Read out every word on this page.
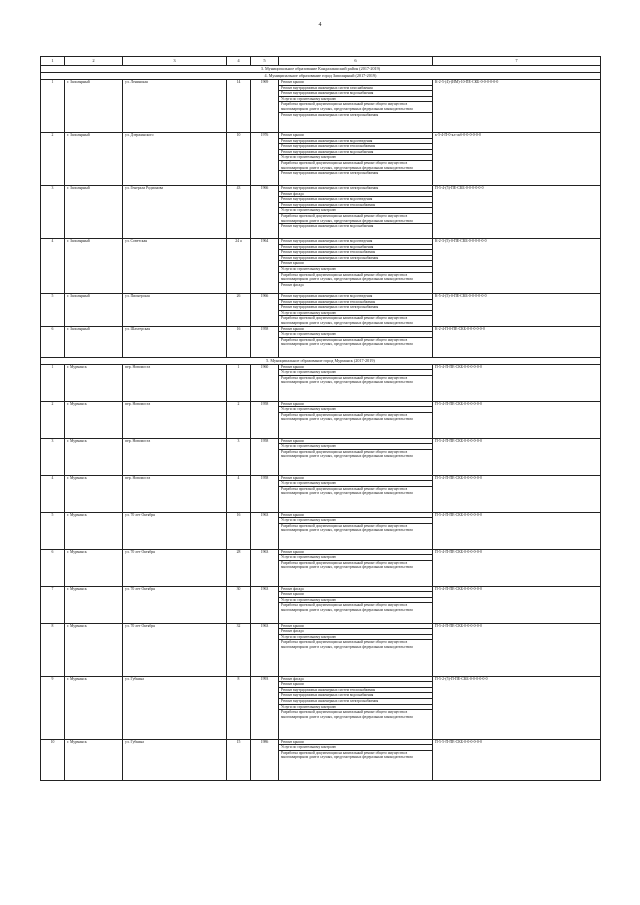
4
1	2	3	4	5	6	7
3. Муниципальное образование Кандалакшский район (2017-2019)
4. Муниципальное образование город Заполярный (2017-2019)
1	г. Заполярный	ул. Ленинская	14	1969		Ремонт крыши
Ремонт внутридомовых инженерных систем газоснабжения
Ремонт внутридомовых инженерных систем водоснабжения
Услуги по строительному контролю
Разработка проектной документации на капитальный ремонт общего имущества в многоквартирном доме в случаях, предусмотренных федеральным законодательством
Ремонт внутридомовых инженерных систем электроснабжения
	К-2-5-(4)-(ИМ)-10-ПЕ-СКБ-0-0-0-0-0-0
2	г. Заполярный	ул. Дзержинского	10	1976		Ремонт крыши
Ремонт внутридомовых инженерных систем водоотведения
Ремонт внутридомовых инженерных систем теплоснабжения
Ремонт внутридомовых инженерных систем водоснабжения
Услуги по строительному контролю
Разработка проектной документации на капитальный ремонт общего имущества в многоквартирном доме в случаях, предусмотренных федеральным законодательством
Ремонт внутридомовых инженерных систем электроснабжения
	к-5-4-П-0-кл-скб-0-0-0-0-0-0
3	г. Заполярный	ул. Генерала Родионова	43	1966		Ремонт внутридомовых инженерных систем электроснабжения
Ремонт фасада
Ремонт внутридомовых инженерных систем водоотведения
Ремонт внутридомовых инженерных систем теплоснабжения
Услуги по строительному контролю
Разработка проектной документации на капитальный ремонт общего имущества в многоквартирном доме в случаях, предусмотренных федеральным законодательством
Ремонт внутридомовых инженерных систем водоснабжения
	П-5-4-(5)-ПЕ-СКБ-0-0-0-0-0-0
4	г. Заполярный	ул. Советская	24 а	1964		Ремонт внутридомовых инженерных систем водоотведения
Ремонт внутридомовых инженерных систем водоснабжения
Ремонт внутридомовых инженерных систем теплоснабжения
Ремонт внутридомовых инженерных систем электроснабжения
Ремонт крыши
Услуги по строительному контролю
Разработка проектной документации на капитальный ремонт общего имущества в многоквартирном доме в случаях, предусмотренных федеральным законодательством
Ремонт фасада
	К-2-3-(5)-0-ПЕ-СКБ-0-0-0-0-0-0
5	г. Заполярный	ул. Пионерская	26	1966		Ремонт внутридомовых инженерных систем водоотведения
Ремонт внутридомовых инженерных систем теплоснабжения
Ремонт внутридомовых инженерных систем электроснабжения
Услуги по строительному контролю
Разработка проектной документации на капитальный ремонт общего имущества в многоквартирном доме в случаях, предусмотренных федеральным законодательством
	К-5-4-(5)-0-ПЕ-СКБ-0-0-0-0-0-0
6	г. Заполярный	ул. Шахтерская	16	1958		Ремонт крыши
Услуги по строительному контролю
Разработка проектной документации на капитальный ремонт общего имущества в многоквартирном доме в случаях, предусмотренных федеральным законодательством
	К-2-4-П-0-ПЕ-СКБ-0-0-0-0-0-0
5. Муниципальное образование город Мурманск (2017-2019)
1	г. Мурманск	пер. Новомоста	1	1960		Ремонт крыши
Услуги по строительному контролю
Разработка проектной документации на капитальный ремонт общего имущества в многоквартирном доме в случаях, предусмотренных федеральным законодательством
	П-5-4-П-ПЕ-СКБ-0-0-0-0-0-0
2	г. Мурманск	пер. Новомоста	2	1958		Ремонт крыши
Услуги по строительному контролю
Разработка проектной документации на капитальный ремонт общего имущества в многоквартирном доме в случаях, предусмотренных федеральным законодательством
	П-5-4-П-ПЕ-СКБ-0-0-0-0-0-0
3	г. Мурманск	пер. Новомоста	3	1958		Ремонт крыши
Услуги по строительному контролю
Разработка проектной документации на капитальный ремонт общего имущества в многоквартирном доме в случаях, предусмотренных федеральным законодательством
	П-5-4-П-ПЕ-СКБ-0-0-0-0-0-0
4	г. Мурманск	пер. Новомоста	4	1958		Ремонт крыши
Услуги по строительному контролю
Разработка проектной документации на капитальный ремонт общего имущества в многоквартирном доме в случаях, предусмотренных федеральным законодательством
	П-5-4-П-ПЕ-СКБ-0-0-0-0-0-0
5	г. Мурманск	ул. 70 лет Октября	16	1963		Ремонт крыши
Услуги по строительному контролю
Разработка проектной документации на капитальный ремонт общего имущества в многоквартирном доме в случаях, предусмотренных федеральным законодательством
	П-5-4-П-ПЕ-СКБ-0-0-0-0-0-0
6	г. Мурманск	ул. 70 лет Октября	28	1963		Ремонт крыши
Услуги по строительному контролю
Разработка проектной документации на капитальный ремонт общего имущества в многоквартирном доме в случаях, предусмотренных федеральным законодательством
	П-5-4-П-ПЕ-СКБ-0-0-0-0-0-0
7	г. Мурманск	ул. 70 лет Октября	30	1963		Ремонт фасада
Ремонт крыши
Услуги по строительному контролю
Разработка проектной документации на капитальный ремонт общего имущества в многоквартирном доме в случаях, предусмотренных федеральным законодательством
	П-5-4-П-ПЕ-СКБ-0-0-0-0-0-0
8	г. Мурманск	ул. 70 лет Октября	32	1963		Ремонт крыши
Ремонт фасада
Услуги по строительному контролю
Разработка проектной документации на капитальный ремонт общего имущества в многоквартирном доме в случаях, предусмотренных федеральным законодательством
	П-5-4-П-ПЕ-СКБ-0-0-0-0-0-0
9	г. Мурманск	ул. Губкина	8	1993		Ремонт фасада
Ремонт крыши
Ремонт внутридомовых инженерных систем теплоснабжения
Ремонт внутридомовых инженерных систем водоснабжения
Ремонт внутридомовых инженерных систем электроснабжения
Услуги по строительному контролю
Разработка проектной документации на капитальный ремонт общего имущества в многоквартирном доме в случаях, предусмотренных федеральным законодательством
	П-5-2-(5)-П-ПЕ-СКБ-0-0-0-0-0-0
10	г. Мурманск	ул. Губкина	15	1986		Ремонт крыши
Услуги по строительному контролю
Разработка проектной документации на капитальный ремонт общего имущества в многоквартирном доме в случаях, предусмотренных федеральным законодательством
	П-5-5-П-ПЕ-СКБ-0-0-0-0-0-0
